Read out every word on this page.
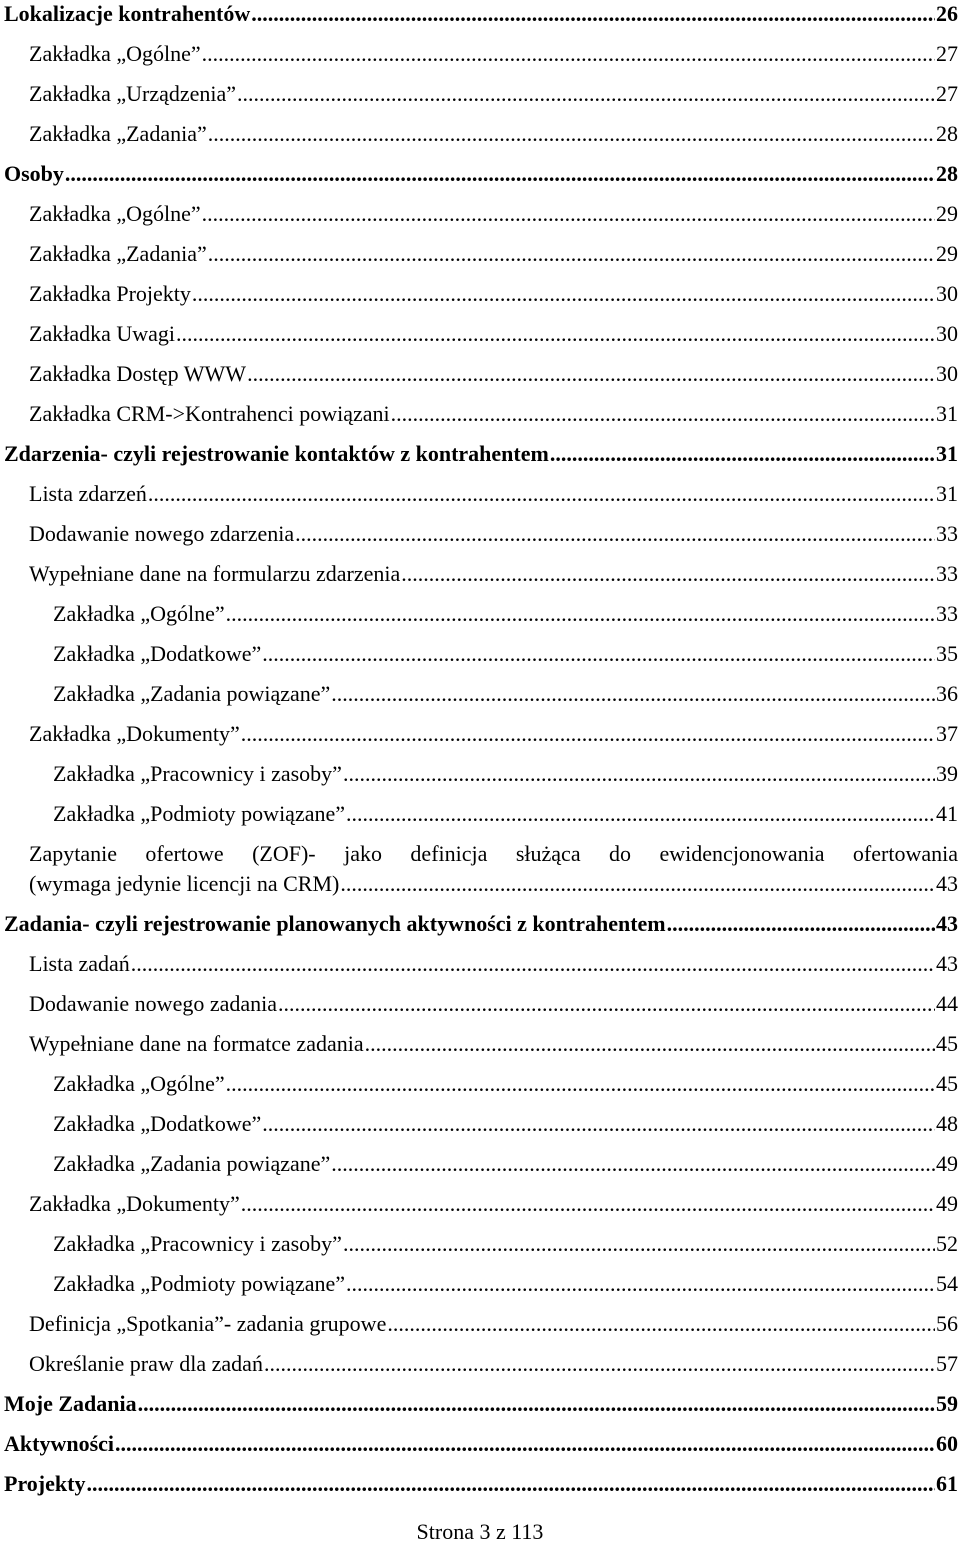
Lokalizacje kontrahentów .....	26
Zakładka „Ogólne” .....	27
Zakładka „Urządzenia” .....	27
Zakładka „Zadania” .....	28
Osoby .....	28
Zakładka „Ogólne” .....	29
Zakładka „Zadania” .....	29
Zakładka Projekty .....	30
Zakładka Uwagi .....	30
Zakładka Dostęp WWW .....	30
Zakładka CRM->Kontrahenci powiązani .....	31
Zdarzenia- czyli rejestrowanie kontaktów z kontrahentem .....	31
Lista zdarzeń .....	31
Dodawanie nowego zdarzenia .....	33
Wypełniane dane na formularzu zdarzenia .....	33
Zakładka „Ogólne” .....	33
Zakładka „Dodatkowe” .....	35
Zakładka „Zadania powiązane” .....	36
Zakładka „Dokumenty” .....	37
Zakładka „Pracownicy i zasoby” .....	39
Zakładka „Podmioty powiązane” .....	41
Zapytanie ofertowe (ZOF)- jako definicja służąca do ewidencjonowania ofertowania
(wymaga jedynie licencji na CRM) .....	43
Zadania- czyli rejestrowanie planowanych aktywności z kontrahentem .....	43
Lista zadań .....	43
Dodawanie nowego zadania .....	44
Wypełniane dane na formatce zadania .....	45
Zakładka „Ogólne” .....	45
Zakładka „Dodatkowe” .....	48
Zakładka „Zadania powiązane” .....	49
Zakładka „Dokumenty” .....	49
Zakładka „Pracownicy i zasoby” .....	52
Zakładka „Podmioty powiązane” .....	54
Definicja „Spotkania”- zadania grupowe .....	56
Określanie praw dla zadań .....	57
Moje Zadania .....	59
Aktywności .....	60
Projekty .....	61
Strona 3 z 113
